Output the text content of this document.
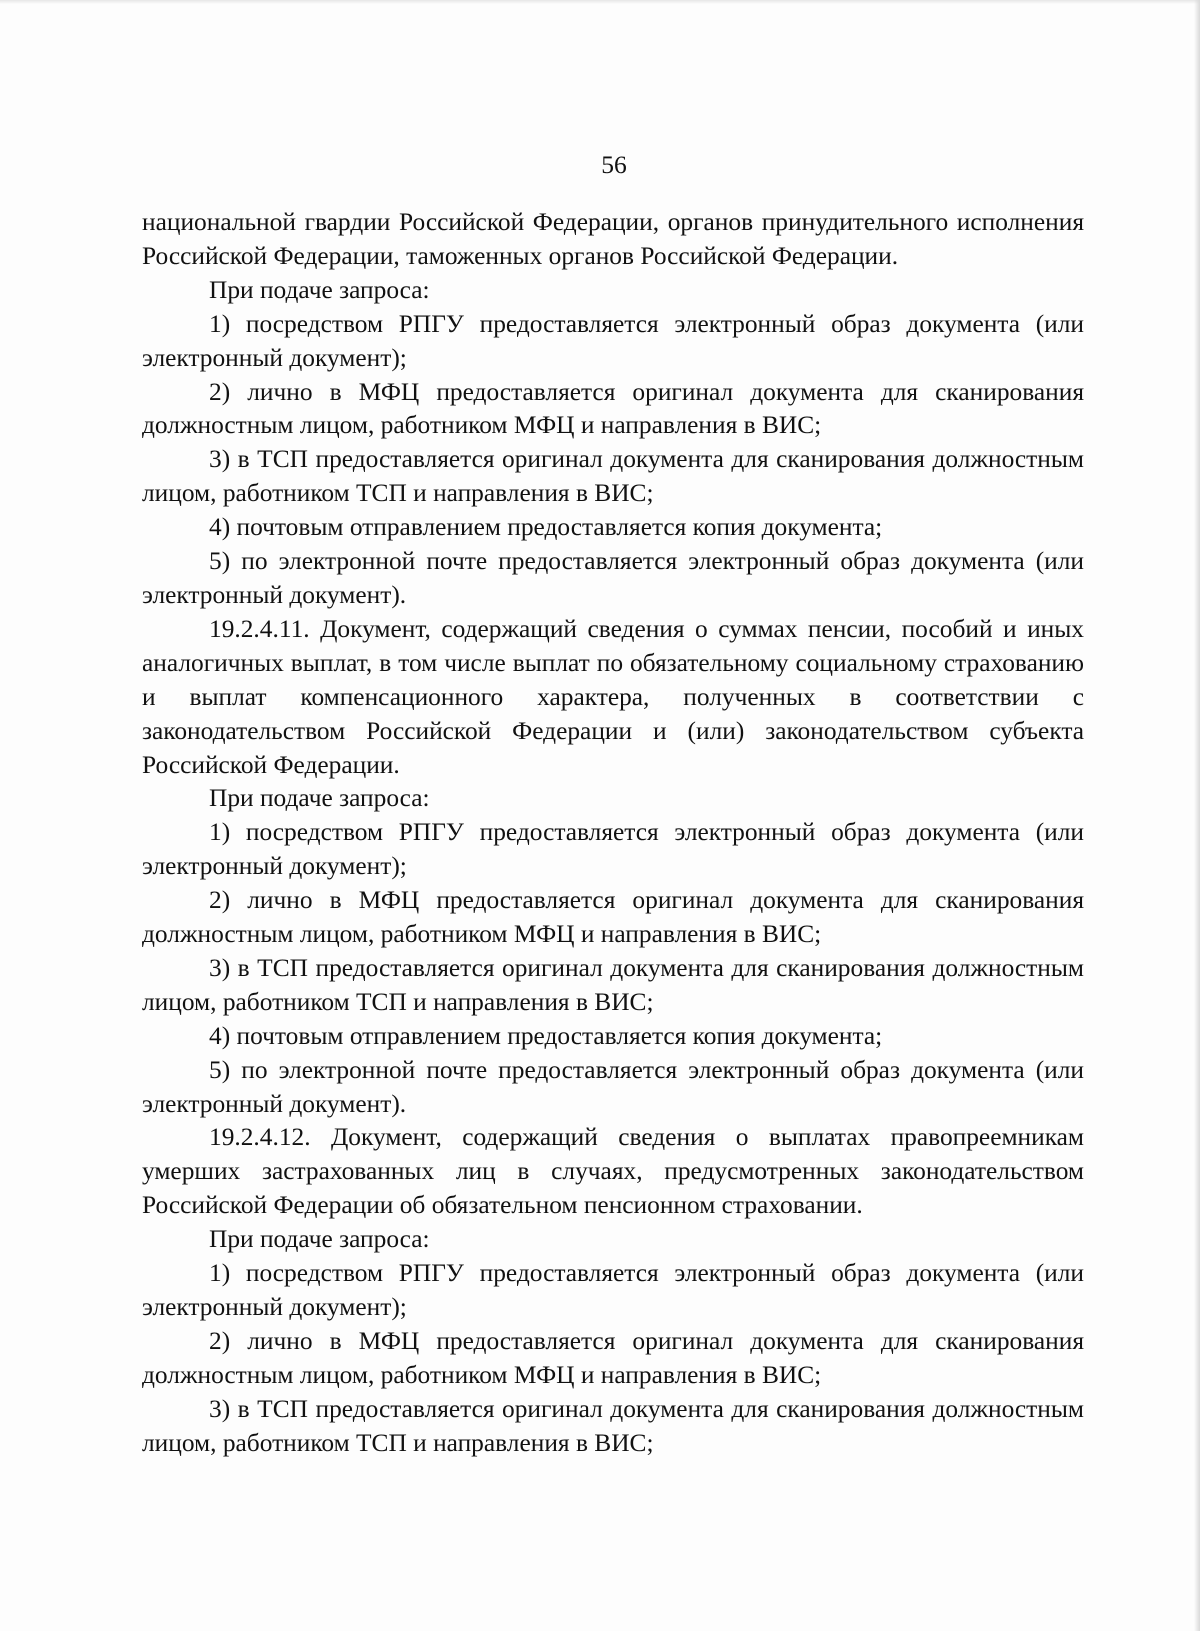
56

национальной гвардии Российской Федерации, органов принудительного исполнения Российской Федерации, таможенных органов Российской Федерации.

При подаче запроса:

1) посредством РПГУ предоставляется электронный образ документа (или электронный документ);

2) лично в МФЦ предоставляется оригинал документа для сканирования должностным лицом, работником МФЦ и направления в ВИС;

3) в ТСП предоставляется оригинал документа для сканирования должностным лицом, работником ТСП и направления в ВИС;

4) почтовым отправлением предоставляется копия документа;

5) по электронной почте предоставляется электронный образ документа (или электронный документ).

19.2.4.11. Документ, содержащий сведения о суммах пенсии, пособий и иных аналогичных выплат, в том числе выплат по обязательному социальному страхованию и выплат компенсационного характера, полученных в соответствии с законодательством Российской Федерации и (или) законодательством субъекта Российской Федерации.

При подаче запроса:

1) посредством РПГУ предоставляется электронный образ документа (или электронный документ);

2) лично в МФЦ предоставляется оригинал документа для сканирования должностным лицом, работником МФЦ и направления в ВИС;

3) в ТСП предоставляется оригинал документа для сканирования должностным лицом, работником ТСП и направления в ВИС;

4) почтовым отправлением предоставляется копия документа;

5) по электронной почте предоставляется электронный образ документа (или электронный документ).

19.2.4.12. Документ, содержащий сведения о выплатах правопреемникам умерших застрахованных лиц в случаях, предусмотренных законодательством Российской Федерации об обязательном пенсионном страховании.

При подаче запроса:

1) посредством РПГУ предоставляется электронный образ документа (или электронный документ);

2) лично в МФЦ предоставляется оригинал документа для сканирования должностным лицом, работником МФЦ и направления в ВИС;

3) в ТСП предоставляется оригинал документа для сканирования должностным лицом, работником ТСП и направления в ВИС;
